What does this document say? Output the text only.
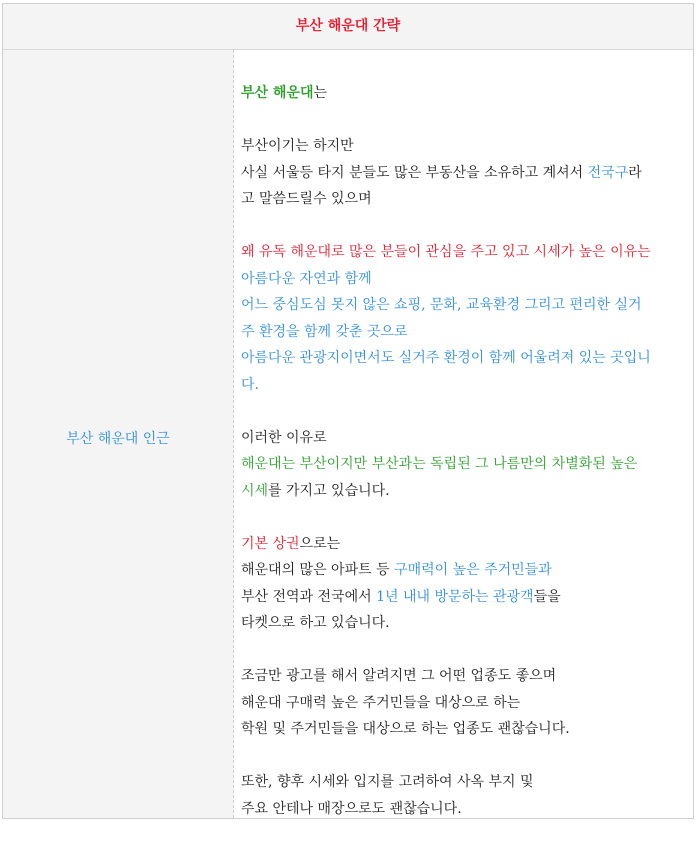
부산 해운대 간략
부산 해운대 인근
부산 해운대는
부산이기는 하지만
사실 서울등 타지 분들도 많은 부동산을 소유하고 계셔서 전국구라
고 말씀드릴수 있으며
왜 유독 해운대로 많은 분들이 관심을 주고 있고 시세가 높은 이유는
아름다운 자연과 함께
어느 중심도심 못지 않은 쇼핑, 문화, 교육환경 그리고 편리한 실거
주 환경을 함께 갖춘 곳으로
아름다운 관광지이면서도 실거주 환경이 함께 어울려져 있는 곳입니
다.
이러한 이유로
해운대는 부산이지만 부산과는 독립된 그 나름만의 차별화된 높은
시세를 가지고 있습니다.
기본 상권으로는
해운대의 많은 아파트 등 구매력이 높은 주거민들과
부산 전역과 전국에서 1년 내내 방문하는 관광객들을
타켓으로 하고 있습니다.
조금만 광고를 해서 알려지면 그 어떤 업종도 좋으며
해운대 구매력 높은 주거민들을 대상으로 하는
학원 및 주거민들을 대상으로 하는 업종도 괜찮습니다.
또한, 향후 시세와 입지를 고려하여 사옥 부지 및
주요 안테나 매장으로도 괜찮습니다.
